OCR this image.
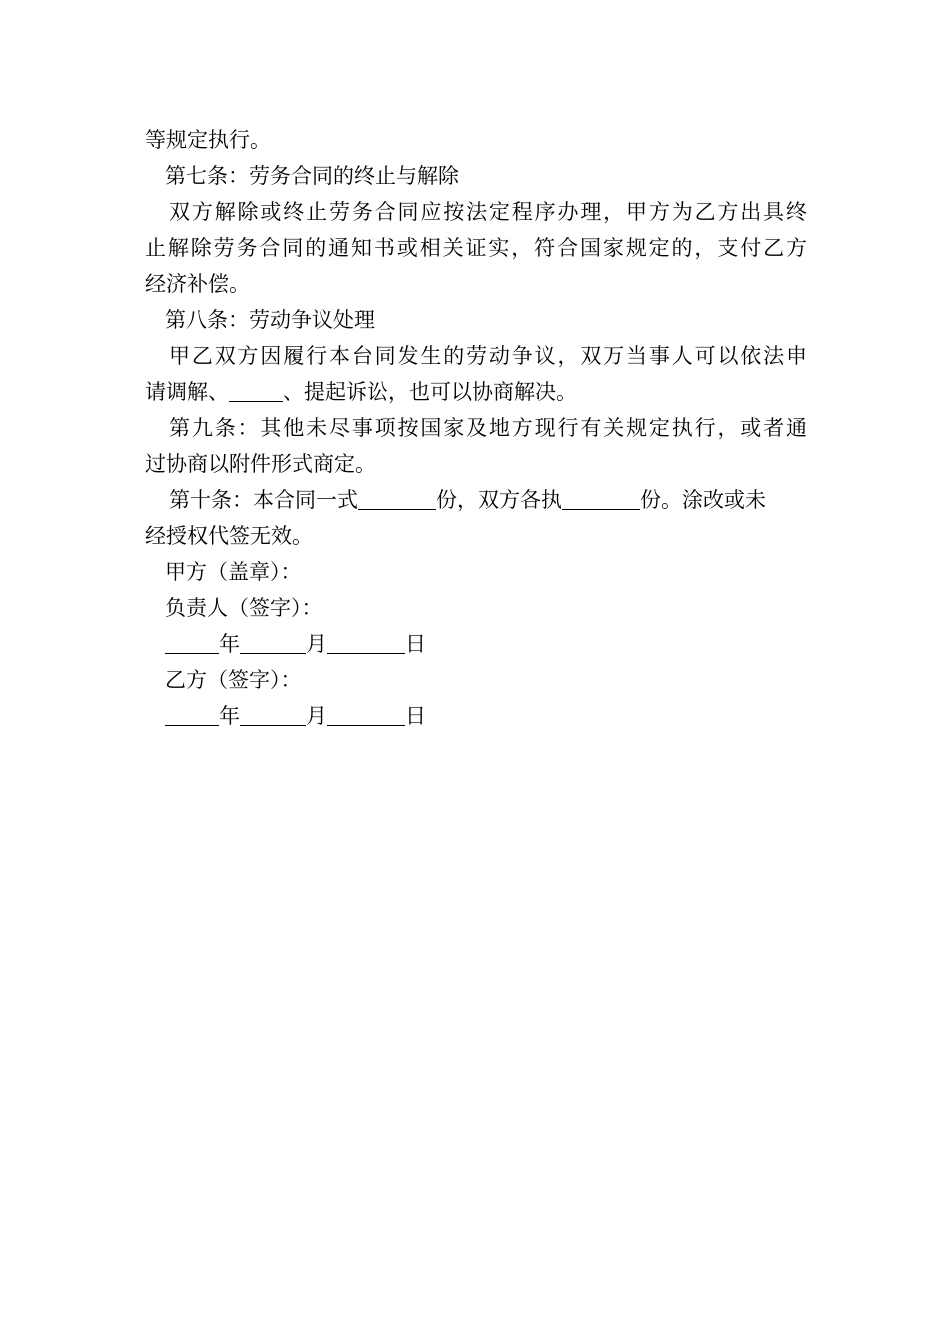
等规定执行。
第七条：劳务合同的终止与解除
双方解除或终止劳务合同应按法定程序办理，甲方为乙方出具终
止解除劳务合同的通知书或相关证实，符合国家规定的，支付乙方
经济补偿。
第八条：劳动争议处理
甲乙双方因履行本台同发生的劳动争议，双万当事人可以依法申
请调解、	、提起诉讼，也可以协商解决。
第九条：其他未尽事项按国家及地方现行有关规定执行，或者通
过协商以附件形式商定。
第十条：本合同一式	份，双方各执	份。涂改或未
经授权代签无效。
甲方（盖章）：
负责人（签字）：
年	月	日
乙方（签字）：
年	月	日
